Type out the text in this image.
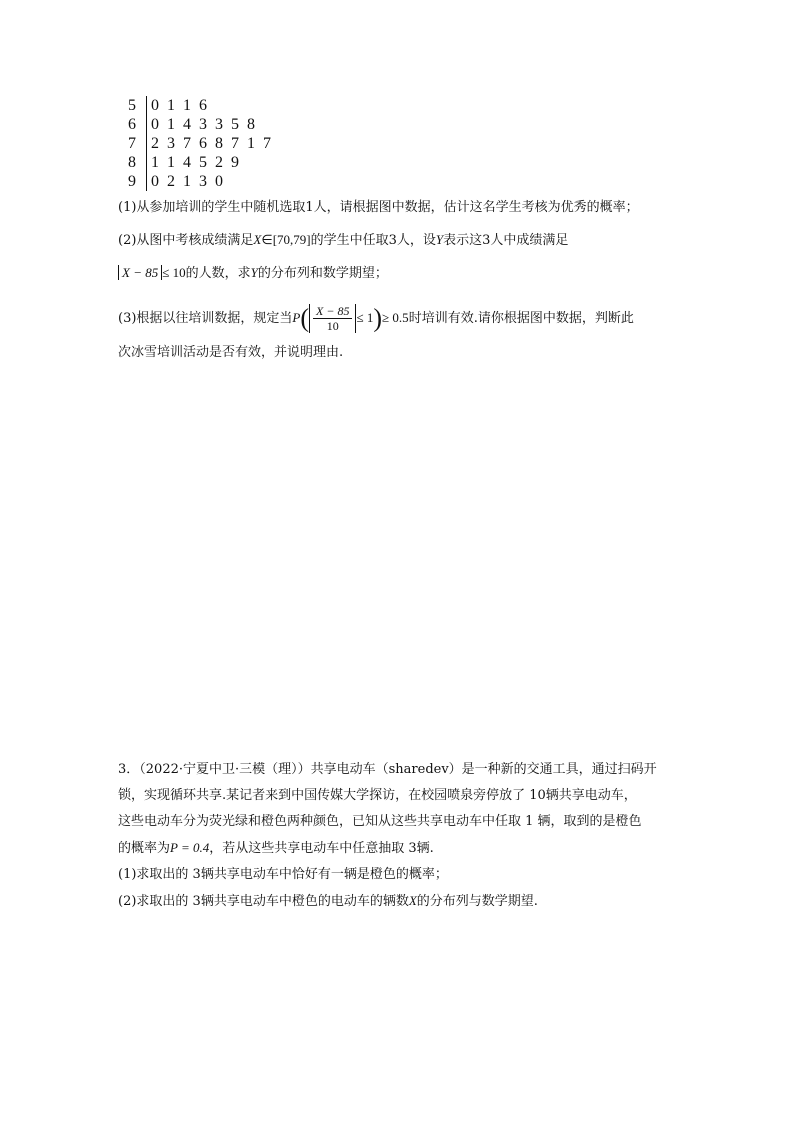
5 0 1 1 6
6 0 1 4 3 3 5 8
7 2 3 7 6 8 7 1 7
8 1 1 4 5 2 9
9 0 2 1 3 0
(1)从参加培训的学生中随机选取1人，请根据图中数据，估计这名学生考核为优秀的概率；
(2)从图中考核成绩满足X∈[70,79]的学生中任取3人，设Y表示这3人中成绩满足
X − 85 ≤ 10的人数，求Y的分布列和数学期望；
(3)根据以往培训数据，规定当$P( \frac{X - 85}{10} \le 1)\ge 0.5$时培训有效.请你根据图中数据，判断此
次冰雪培训活动是否有效，并说明理由.
3．（2022·宁夏中卫·三模（理））共享电动车（sharedev）是一种新的交通工具，通过扫码开
锁，实现循环共享.某记者来到中国传媒大学探访，在校园喷泉旁停放了 10辆共享电动车，
这些电动车分为荧光绿和橙色两种颜色，已知从这些共享电动车中任取 1 辆，取到的是橙色
的概率为P = 0.4，若从这些共享电动车中任意抽取 3辆.
(1)求取出的 3辆共享电动车中恰好有一辆是橙色的概率；
(2)求取出的 3辆共享电动车中橙色的电动车的辆数X的分布列与数学期望.
